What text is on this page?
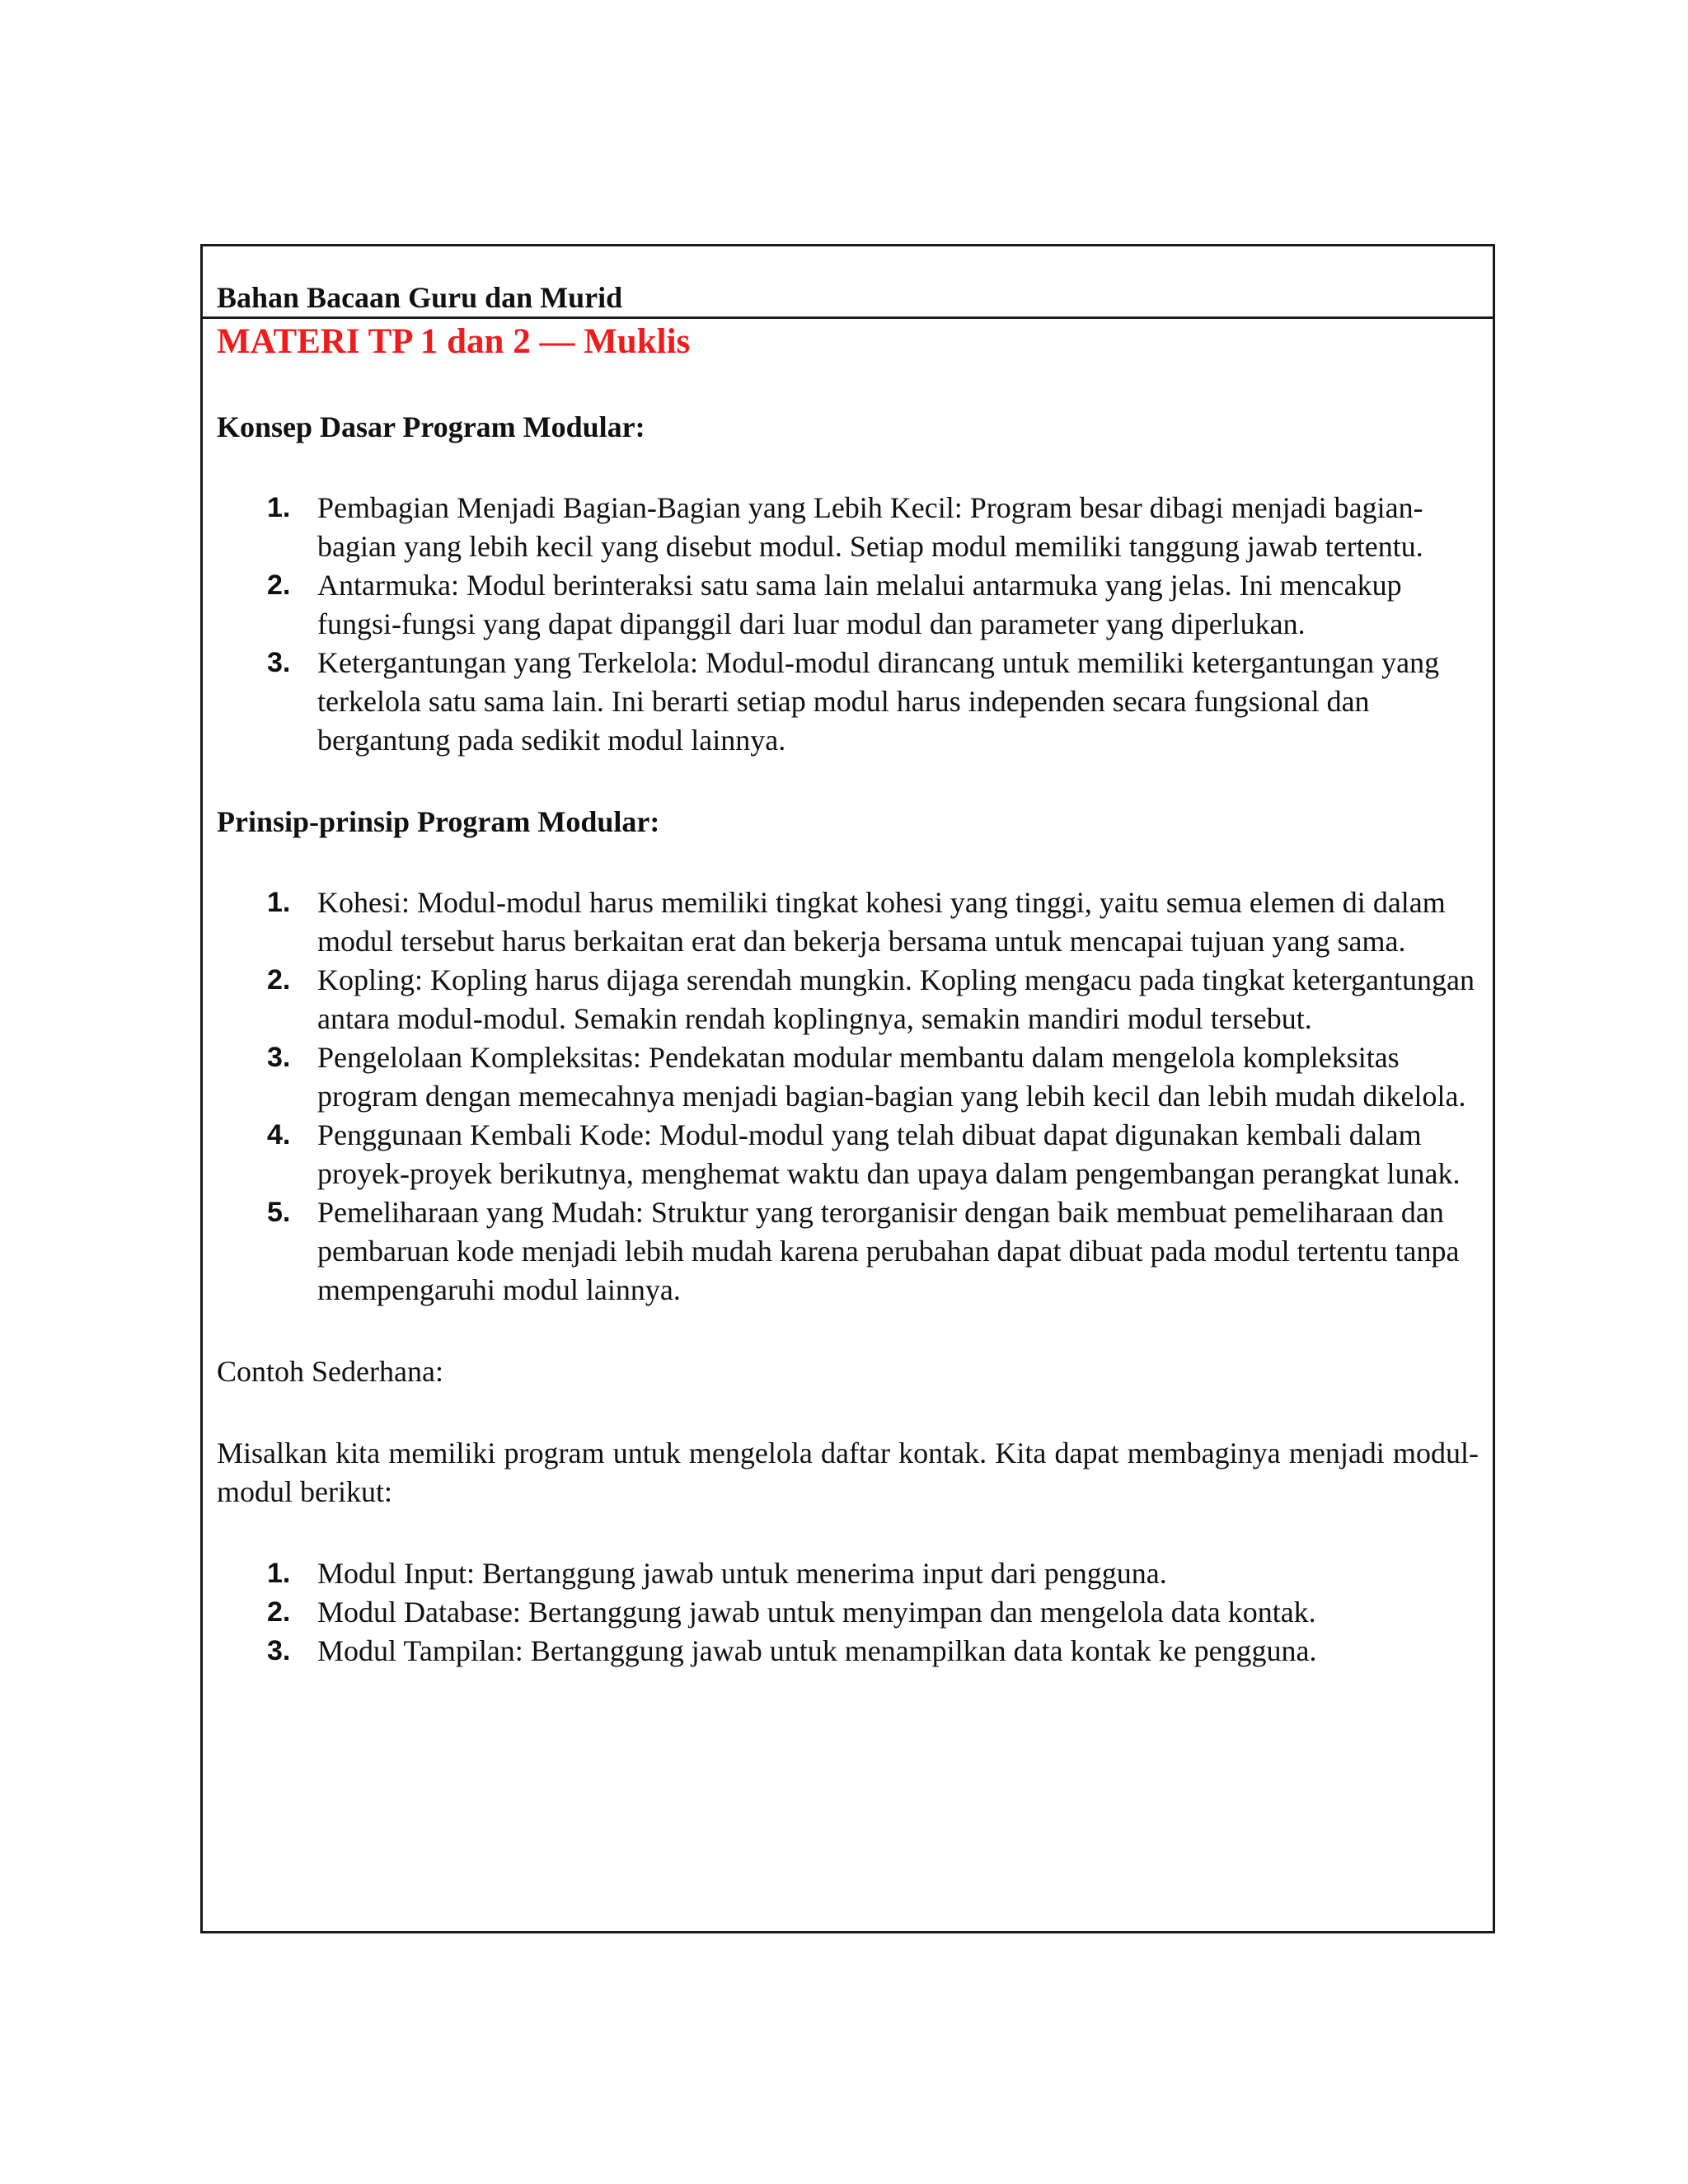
Bahan Bacaan Guru dan Murid
MATERI TP 1 dan 2 — Muklis
Konsep Dasar Program Modular:
1. Pembagian Menjadi Bagian-Bagian yang Lebih Kecil: Program besar dibagi menjadi bagian-bagian yang lebih kecil yang disebut modul. Setiap modul memiliki tanggung jawab tertentu.
2. Antarmuka: Modul berinteraksi satu sama lain melalui antarmuka yang jelas. Ini mencakup fungsi-fungsi yang dapat dipanggil dari luar modul dan parameter yang diperlukan.
3. Ketergantungan yang Terkelola: Modul-modul dirancang untuk memiliki ketergantungan yang terkelola satu sama lain. Ini berarti setiap modul harus independen secara fungsional dan bergantung pada sedikit modul lainnya.
Prinsip-prinsip Program Modular:
1. Kohesi: Modul-modul harus memiliki tingkat kohesi yang tinggi, yaitu semua elemen di dalam modul tersebut harus berkaitan erat dan bekerja bersama untuk mencapai tujuan yang sama.
2. Kopling: Kopling harus dijaga serendah mungkin. Kopling mengacu pada tingkat ketergantungan antara modul-modul. Semakin rendah koplingnya, semakin mandiri modul tersebut.
3. Pengelolaan Kompleksitas: Pendekatan modular membantu dalam mengelola kompleksitas program dengan memecahnya menjadi bagian-bagian yang lebih kecil dan lebih mudah dikelola.
4. Penggunaan Kembali Kode: Modul-modul yang telah dibuat dapat digunakan kembali dalam proyek-proyek berikutnya, menghemat waktu dan upaya dalam pengembangan perangkat lunak.
5. Pemeliharaan yang Mudah: Struktur yang terorganisir dengan baik membuat pemeliharaan dan pembaruan kode menjadi lebih mudah karena perubahan dapat dibuat pada modul tertentu tanpa mempengaruhi modul lainnya.

Contoh Sederhana:

Misalkan kita memiliki program untuk mengelola daftar kontak. Kita dapat membaginya menjadi modul-modul berikut:

1. Modul Input: Bertanggung jawab untuk menerima input dari pengguna.
2. Modul Database: Bertanggung jawab untuk menyimpan dan mengelola data kontak.
3. Modul Tampilan: Bertanggung jawab untuk menampilkan data kontak ke pengguna.
